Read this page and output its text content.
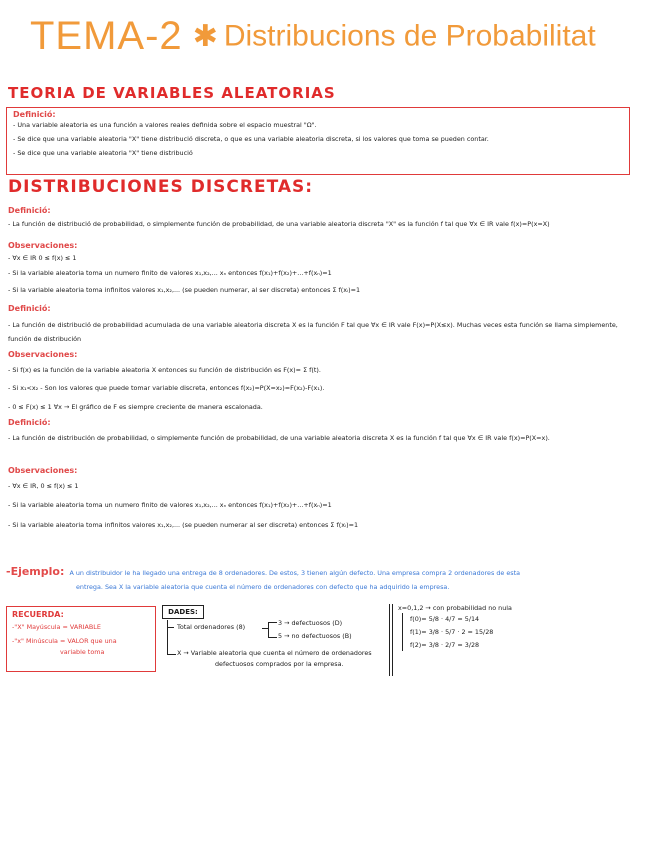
TEMA-2 ✱ Distribucions de Probabilitat
TEORIA DE VARIABLES ALEATORIAS
Definició:
- Una variable aleatoria es una función a valores reales definida sobre el espacio muestral "Ω".
- Se dice que una variable aleatoria "X" tiene distribució discreta, o que es una variable aleatoria discreta, si los valores que toma se pueden contar.
- Se dice que una variable aleatoria "X" tiene distribució
DISTRIBUCIONES DISCRETAS:
Definició:
- La función de distribució de probabilidad, o simplemente función de probabilidad, de una variable aleatoria discreta "X" es la función f tal que ∀x ∈ IR vale f(x)=P(x=X)
Observaciones:
- ∀x ∈ IR 0 ≤ f(x) ≤ 1
- Si la variable aleatoria toma un numero finito de valores x₁,x₂,... xₙ entonces f(x₁)+f(x₂)+...+f(xₙ)=1
- Si la variable aleatoria toma infinitos valores x₁,x₂,... (se pueden numerar, al ser discreta) entonces Σ f(xᵢ)=1
Definició:
- La función de distribució de probabilidad acumulada de una variable aleatoria discreta X es la función F tal que ∀x ∈ IR vale F(x)=P(X≤x). Muchas veces esta función se llama simplemente, función de distribución
Observaciones:
- Si f(x) es la función de la variable aleatoria X entonces su función de distribución es F(x)= Σ f(t).
- Si x₁<x₂ - Son los valores que puede tomar variable discreta, entonces f(x₂)=P(X=x₂)=F(x₂)-F(x₁).
- 0 ≤ F(x) ≤ 1 ∀x → El gráfico de F es siempre creciente de manera escalonada.
Definició:
- La función de distribución de probabilidad, o simplemente función de probabilidad, de una variable aleatoria discreta X es la función f tal que ∀x ∈ IR vale f(x)=P(X=x).
Observaciones:
- ∀x ∈ IR, 0 ≤ f(x) ≤ 1
- Si la variable aleatoria toma un numero finito de valores x₁,x₂,... xₙ entonces f(x₁)+f(x₂)+...+f(xₙ)=1
- Si la variable aleatoria toma infinitos valores x₁,x₂,... (se pueden numerar al ser discreta) entonces Σ f(xᵢ)=1
-Ejemplo: A un distribuidor le ha llegado una entrega de 8 ordenadores. De estos, 3 tienen algún defecto. Una empresa compra 2 ordenadores de esta
entrega. Sea X la variable aleatoria que cuenta el número de ordenadores con defecto que ha adquirido la empresa.
RECUERDA:
-"X" Mayúscula = VARIABLE
-"x" Minúscula = VALOR que una
variable toma
DADES:
Total ordenadores (8)	3 → defectuosos (D)
5 → no defectuosos (B)
X → Variable aleatoria que cuenta el número de ordenadores
defectuosos comprados por la empresa.
x=0,1,2 → con probabilidad no nula
f(0)= 5/8 · 4/7 = 5/14
f(1)= 3/8 · 5/7 · 2 = 15/28
f(2)= 3/8 · 2/7 = 3/28
